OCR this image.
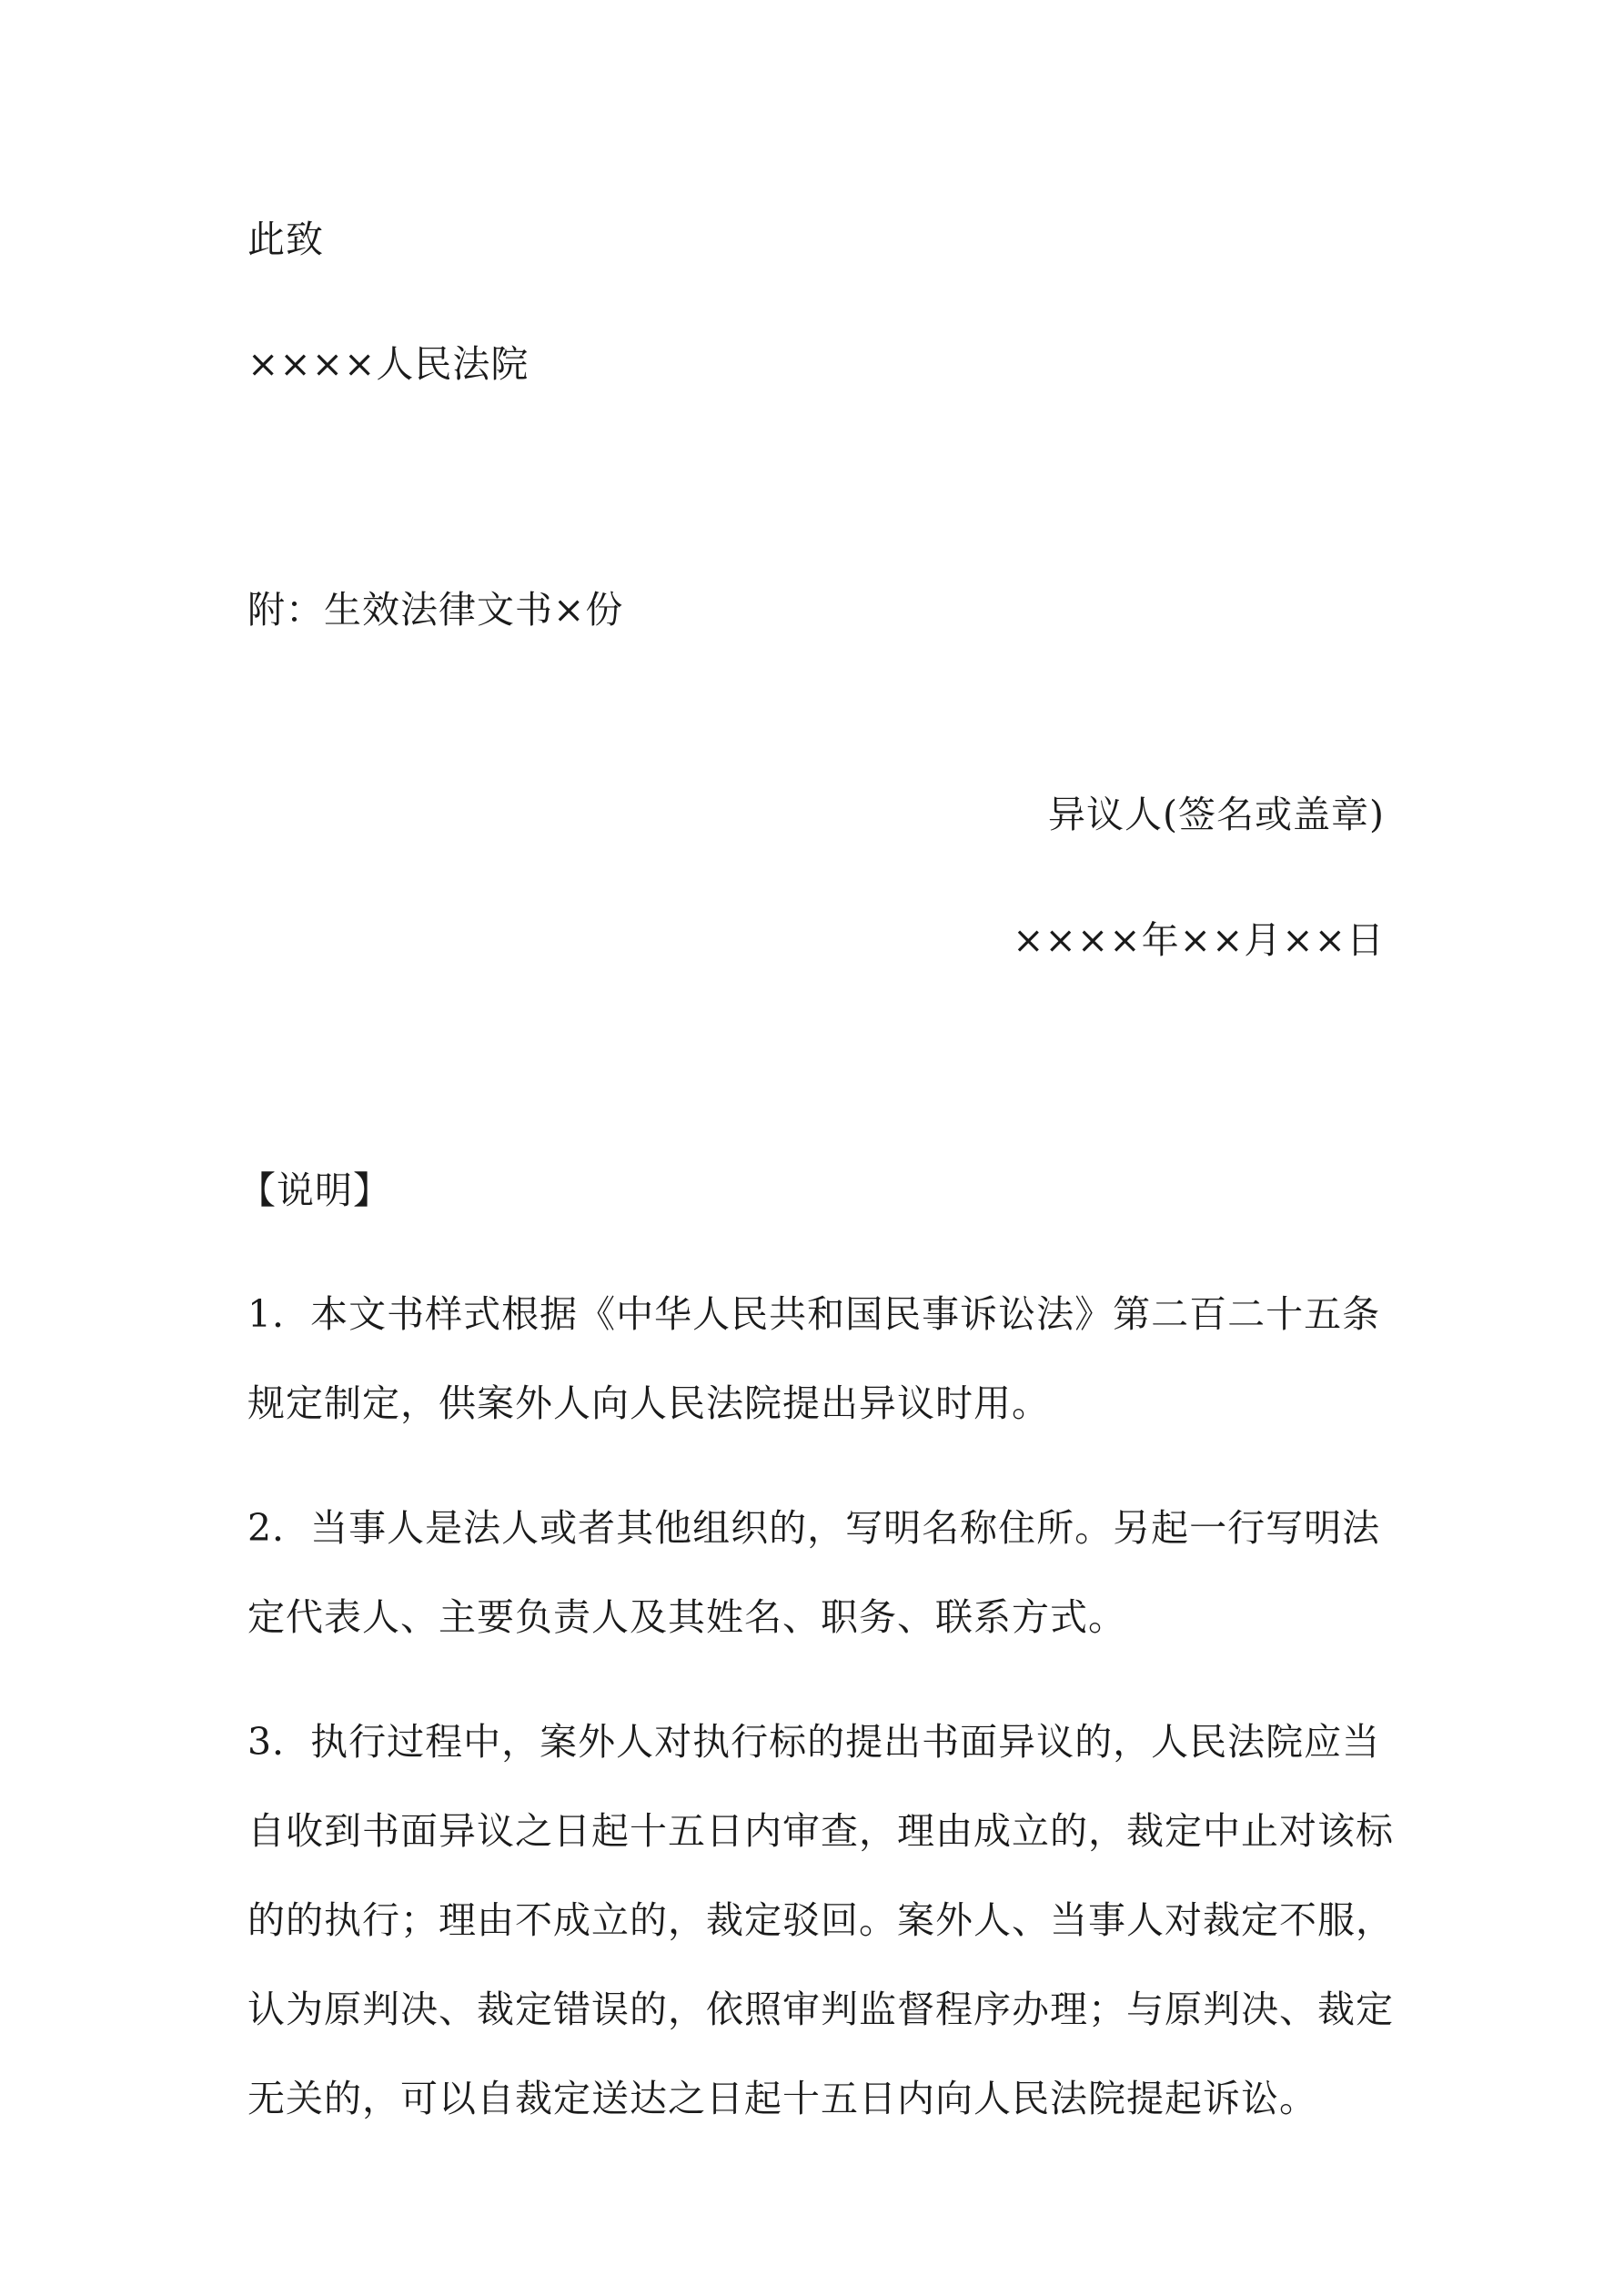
此致
××××人民法院
附：生效法律文书×份
异议人(签名或盖章)
××××年××月××日
【说明】
1．本文书样式根据《中华人民共和国民事诉讼法》第二百二十五条
规定制定，供案外人向人民法院提出异议时用。
2．当事人是法人或者其他组织的，写明名称住所。另起一行写明法
定代表人、主要负责人及其姓名、职务、联系方式。
3．执行过程中，案外人对执行标的提出书面异议的，人民法院应当
自收到书面异议之日起十五日内审查，理由成立的，裁定中止对该标
的的执行；理由不成立的，裁定驳回。案外人、当事人对裁定不服，
认为原判决、裁定错误的，依照审判监督程序办理；与原判决、裁定
无关的，可以自裁定送达之日起十五日内向人民法院提起诉讼。
